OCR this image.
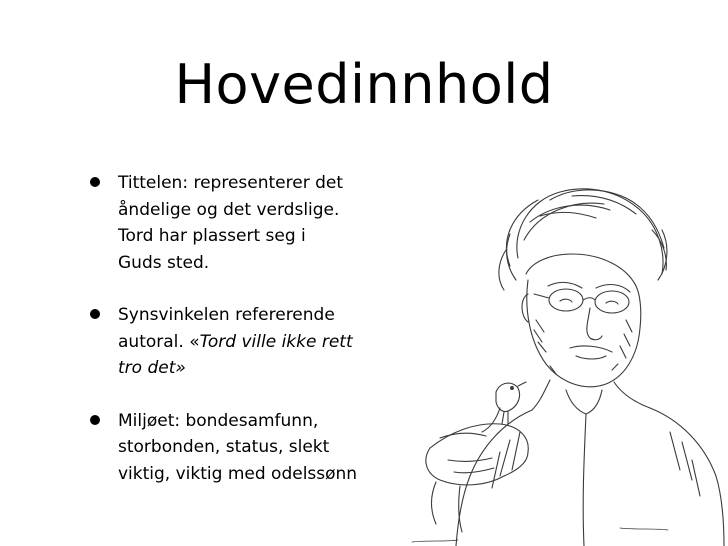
Hovedinnhold
Tittelen: representerer det
åndelige og det verdslige.
Tord har plassert seg i
Guds sted.
Synsvinkelen refererende
autoral. «Tord ville ikke rett
tro det»
Miljøet: bondesamfunn,
storbonden, status, slekt
viktig, viktig med odelssønn
